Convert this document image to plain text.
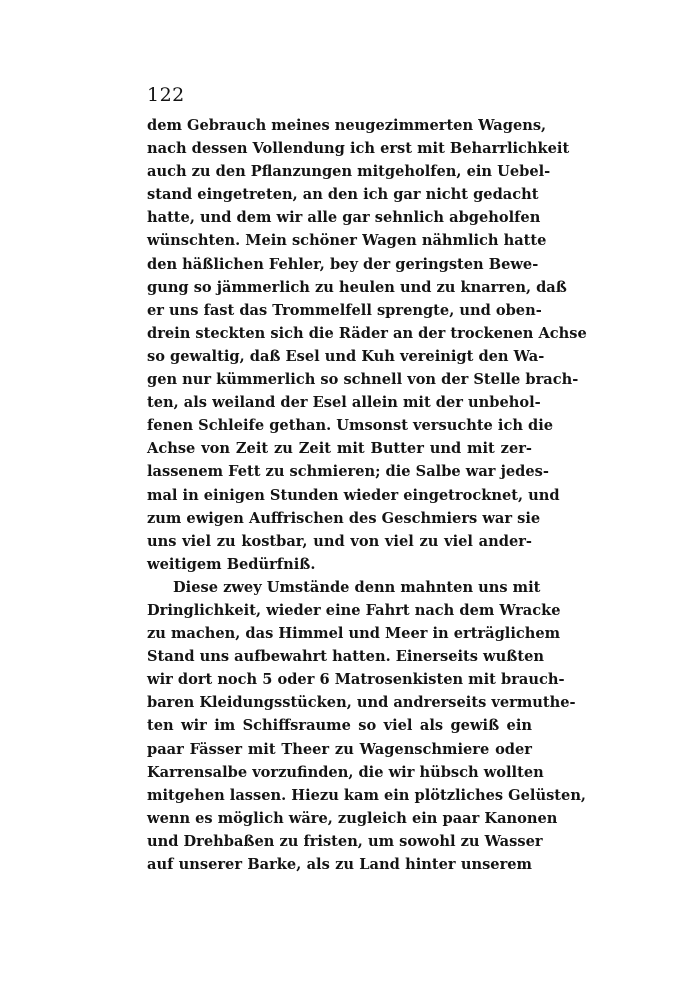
122
dem Gebrauch meines neugezimmerten Wagens,
nach dessen Vollendung ich erst mit Beharrlichkeit
auch zu den Pflanzungen mitgeholfen, ein Uebel-
stand eingetreten, an den ich gar nicht gedacht
hatte, und dem wir alle gar sehnlich abgeholfen
wünschten. Mein schöner Wagen nähmlich hatte
den häßlichen Fehler, bey der geringsten Bewe-
gung so jämmerlich zu heulen und zu knarren, daß
er uns fast das Trommelfell sprengte, und oben-
drein steckten sich die Räder an der trockenen Achse
so gewaltig, daß Esel und Kuh vereinigt den Wa-
gen nur kümmerlich so schnell von der Stelle brach-
ten, als weiland der Esel allein mit der unbehol-
fenen Schleife gethan. Umsonst versuchte ich die
Achse von Zeit zu Zeit mit Butter und mit zer-
lassenem Fett zu schmieren; die Salbe war jedes-
mal in einigen Stunden wieder eingetrocknet, und
zum ewigen Auffrischen des Geschmiers war sie
uns viel zu kostbar, und von viel zu viel ander-
weitigem Bedürfniß.
Diese zwey Umstände denn mahnten uns mit
Dringlichkeit, wieder eine Fahrt nach dem Wracke
zu machen, das Himmel und Meer in erträglichem
Stand uns aufbewahrt hatten. Einerseits wußten
wir dort noch 5 oder 6 Matrosenkisten mit brauch-
baren Kleidungsstücken, und andrerseits vermuthe-
ten wir im Schiffsraume so viel als gewiß ein
paar Fässer mit Theer zu Wagenschmiere oder
Karrensalbe vorzufinden, die wir hübsch wollten
mitgehen lassen. Hiezu kam ein plötzliches Gelüsten,
wenn es möglich wäre, zugleich ein paar Kanonen
und Drehbaßen zu fristen, um sowohl zu Wasser
auf unserer Barke, als zu Land hinter unserem
